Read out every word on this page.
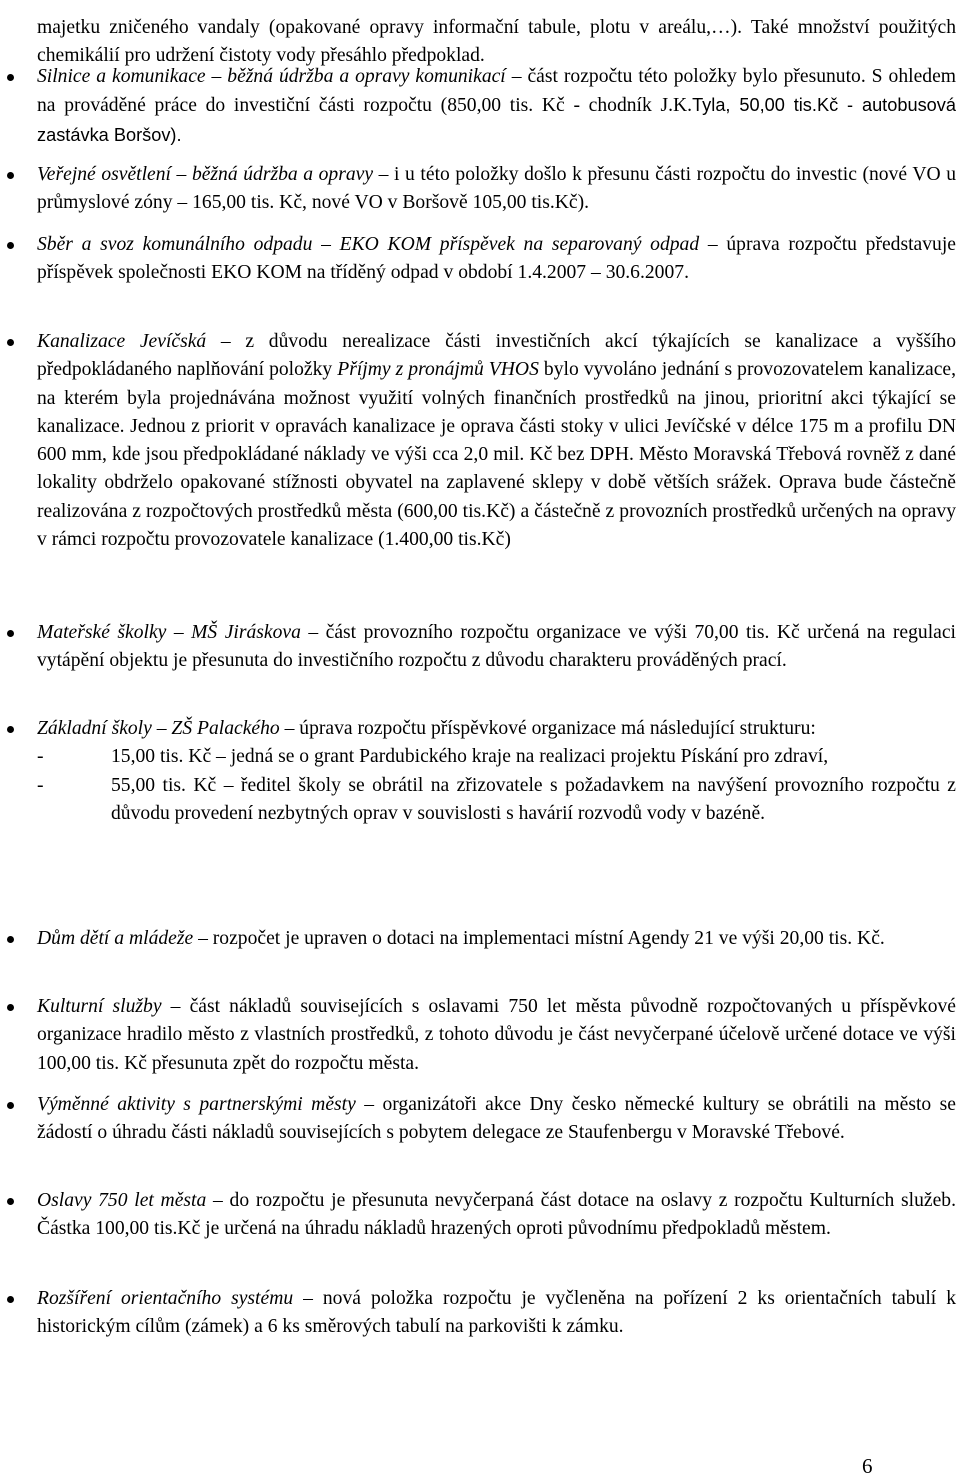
majetku zničeného vandaly (opakované opravy informační tabule, plotu v areálu,…). Také množství použitých chemikálií pro udržení čistoty vody přesáhlo předpoklad.

Silnice a komunikace – běžná údržba a opravy komunikací – část rozpočtu této položky bylo přesunuto. S ohledem na prováděné práce do investiční části rozpočtu (850,00 tis. Kč - chodník J.K.Tyla, 50,00 tis.Kč - autobusová zastávka Boršov).
Veřejné osvětlení – běžná údržba a opravy – i u této položky došlo k přesunu části rozpočtu do investic (nové VO u průmyslové zóny – 165,00 tis. Kč, nové VO v Boršově 105,00 tis.Kč).
Sběr a svoz komunálního odpadu – EKO KOM příspěvek na separovaný odpad – úprava rozpočtu představuje příspěvek společnosti EKO KOM na tříděný odpad v období 1.4.2007 – 30.6.2007.
Kanalizace Jevíčská – z důvodu nerealizace části investičních akcí týkajících se kanalizace a vyššího předpokládaného naplňování položky Příjmy z pronájmů VHOS bylo vyvoláno jednání s provozovatelem kanalizace, na kterém byla projednávána možnost využití volných finančních prostředků na jinou, prioritní akci týkající se kanalizace. Jednou z priorit v opravách kanalizace je oprava části stoky v ulici Jevíčské v délce 175 m a profilu DN 600 mm, kde jsou předpokládané náklady ve výši cca 2,0 mil. Kč bez DPH. Město Moravská Třebová rovněž z dané lokality obdrželo opakované stížnosti obyvatel na zaplavené sklepy v době větších srážek. Oprava bude částečně realizována z rozpočtových prostředků města (600,00 tis.Kč) a částečně z provozních prostředků určených na opravy v rámci rozpočtu provozovatele kanalizace (1.400,00 tis.Kč)
Mateřské školky – MŠ Jiráskova – část provozního rozpočtu organizace ve výši 70,00 tis. Kč určená na regulaci vytápění objektu je přesunuta do investičního rozpočtu z důvodu charakteru prováděných prací.
Základní školy – ZŠ Palackého – úprava rozpočtu příspěvkové organizace má následující strukturu:

-	15,00 tis. Kč – jedná se o grant Pardubického kraje na realizaci projektu Pískání pro zdraví,

-	55,00 tis. Kč – ředitel školy se obrátil na zřizovatele s požadavkem na navýšení provozního rozpočtu z důvodu provedení nezbytných oprav v souvislosti s havárií rozvodů vody v bazéně.

Dům dětí a mládeže – rozpočet je upraven o dotaci na implementaci místní Agendy 21 ve výši 20,00 tis. Kč.
Kulturní služby – část nákladů souvisejících s oslavami 750 let města původně rozpočtovaných u příspěvkové organizace hradilo město z vlastních prostředků, z tohoto důvodu je část nevyčerpané účelově určené dotace ve výši 100,00 tis. Kč přesunuta zpět do rozpočtu města.
Výměnné aktivity s partnerskými městy – organizátoři akce Dny česko německé kultury se obrátili na město se žádostí o úhradu části nákladů souvisejících s pobytem delegace ze Staufenbergu v Moravské Třebové.
Oslavy 750 let města – do rozpočtu je přesunuta nevyčerpaná část dotace na oslavy z rozpočtu Kulturních služeb. Částka 100,00 tis.Kč je určená na úhradu nákladů hrazených oproti původnímu předpokladů městem.
Rozšíření orientačního systému – nová položka rozpočtu je vyčleněna na pořízení 2 ks orientačních tabulí k historickým cílům (zámek) a 6 ks směrových tabulí na parkovišti k zámku.
6
